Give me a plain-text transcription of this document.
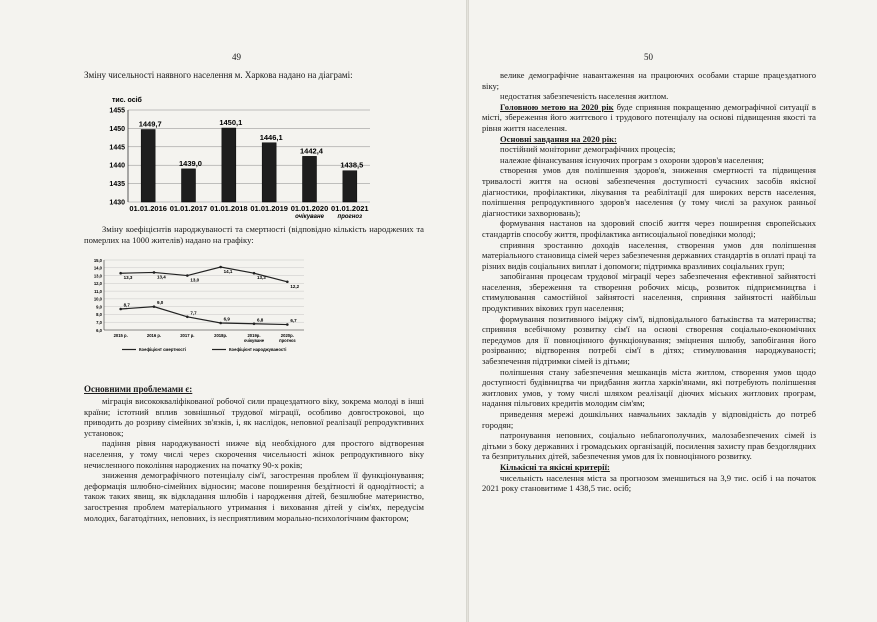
49
Зміну чисельності наявного населення м. Харкова надано на діаграмі:
тис. осіб
1430
1435
1440
1445
1450
1455
1449,7
01.01.2016
1439,0
01.01.2017
1450,1
01.01.2018
1446,1
01.01.2019
1442,4
01.01.2020
очікуване
1438,5
01.01.2021
прогноз

Зміну коефіцієнтів народжуваності та смертності (відповідно кількість народжених та померлих на 1000 жителів) надано на графіку:

6,0
7,0
8,0
9,0
10,0
11,0
12,0
13,0
14,0
15,0
2015 р.	2016 р.	2017 р.	2018р.	2019р.
очікуване
2020р.
прогноз
13,3	13,4
13,0
14,1
13,3
12,2
8,7	9,0
7,7
6,9	6,8	6,7
Коефіцієнт смертності	Коефіцієнт народжуваності
Основними проблемами є:

міграція висококваліфікованої робочої сили працездатного віку, зокрема молоді в інші країни; істотний вплив зовнішньої трудової міграції, особливо довгостроковоі, що приводить до розриву сімейних зв'язків, і, як наслідок, неповної реалізації репродуктивних установок;

падіння рівня народжуваності нижче від необхідного для простого відтворення населення, у тому числі через скорочення чисельності жінок репродуктивного віку нечисленного покоління народжених на початку 90-х років;

зниження демографічного потенціалу сім'ї, загострення проблем її функціонування; деформація шлюбно-сімейних відносин; масове поширення бездітності й однодітності; а також таких явищ, як відкладання шлюбів і народження дітей, безшлюбне материнство, загострення проблем матеріального утримання і виховання дітей у сім'ях, передусім молодих, багатодітних, неповних, із несприятливим морально-психологічним фактором;

50

велике демографічне навантаження на працюючих особами старше працездатного віку;

недостатня забезпеченість населення житлом.

Головною метою на 2020 рік буде сприяння покращенню демографічної ситуації в місті, збереження його життєвого і трудового потенціалу на основі підвищення якості та рівня життя населення.

Основні завдання на 2020 рік:

постійний моніторинг демографічних процесів;

належне фінансування існуючих програм з охорони здоров'я населення;

створення умов для поліпшення здоров'я, зниження смертності та підвищення тривалості життя на основі забезпечення доступності сучасних засобів якісної діагностики, профілактики, лікування та реабілітації для широких верств населення, поліпшення репродуктивного здоров'я населення (у тому числі за рахунок ранньої діагностики захворювань);

формування настанов на здоровий спосіб життя через поширення європейських стандартів способу життя, профілактика антисоціальної поведінки молоді;

сприяння зростанню доходів населення, створення умов для поліпшення матеріального становища сімей через забезпечення державних стандартів в оплаті праці та різних видів соціальних виплат і допомоги; підтримка вразливих соціальних груп;

запобігання процесам трудової міграції через забезпечення ефективної зайнятості населення, збереження та створення робочих місць, розвиток підприємництва і стимулювання самостійної зайнятості населення, сприяння зайнятості найбільш продуктивних вікових груп населення;

формування позитивного іміджу сім'ї, відповідального батьківства та материнства; сприяння всебічному розвитку сім'ї на основі створення соціально-економічних передумов для її повноцінного функціонування; зміцнення шлюбу, запобігання його розірванню; відтворення потребі сім'ї в дітях; стимулювання народжуваності; забезпечення підтримки сімей із дітьми;

поліпшення стану забезпечення мешканців міста житлом, створення умов щодо доступності будівництва чи придбання житла харків'янами, які потребують поліпшення житлових умов, у тому числі шляхом реалізації діючих міських житлових програм, надання пільгових кредитів молодим сім'ям;

приведення мережі дошкільних навчальних закладів у відповідність до потреб городян;

патронування неповних, соціально неблагополучних, малозабезпечених сімей із дітьми з боку державних і громадських організацій, посилення захисту прав бездоглядних та безпритульних дітей, забезпечення умов для їх повноцінного розвитку.

Кількісні та якісні критерії:

чисельність населення міста за прогнозом зменшиться на 3,9 тис. осіб і на початок 2021 року становитиме 1 438,5 тис. осіб;
